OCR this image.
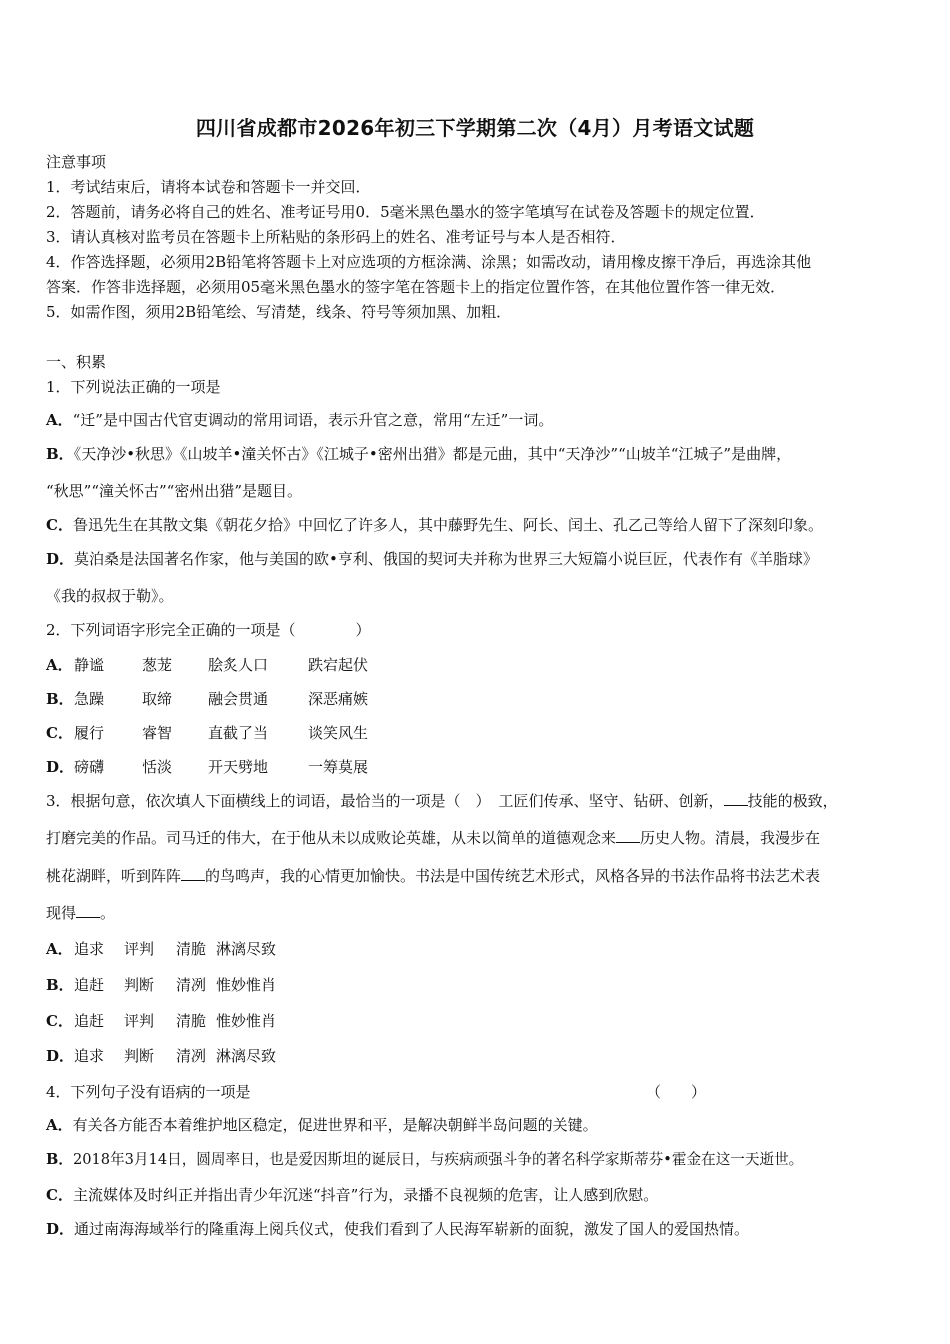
四川省成都市2026年初三下学期第二次（4月）月考语文试题
注意事项
1．考试结束后，请将本试卷和答题卡一并交回．
2．答题前，请务必将自己的姓名、准考证号用0．5毫米黑色墨水的签字笔填写在试卷及答题卡的规定位置．
3．请认真核对监考员在答题卡上所粘贴的条形码上的姓名、准考证号与本人是否相符．
4．作答选择题，必须用2B铅笔将答题卡上对应选项的方框涂满、涂黑；如需改动，请用橡皮擦干净后，再选涂其他
答案．作答非选择题，必须用05毫米黑色墨水的签字笔在答题卡上的指定位置作答，在其他位置作答一律无效．
5．如需作图，须用2B铅笔绘、写清楚，线条、符号等须加黑、加粗．
一、积累
1．下列说法正确的一项是
A．“迁”是中国古代官吏调动的常用词语，表示升官之意，常用“左迁”一词。
B．《天净沙•秋思》《山坡羊•潼关怀古》《江城子•密州出猎》都是元曲，其中“天净沙”“山坡羊“江城子”是曲牌，
“秋思”“潼关怀古”“密州出猎”是题目。
C．鲁迅先生在其散文集《朝花夕拾》中回忆了许多人，其中藤野先生、阿长、闰土、孔乙己等给人留下了深刻印象。
D．莫泊桑是法国著名作家，他与美国的欧•亨利、俄国的契诃夫并称为世界三大短篇小说巨匠，代表作有《羊脂球》
《我的叔叔于勒》。
2．下列词语字形完全正确的一项是（　　　　）
A．静谧	葱茏 脍炙人口	跌宕起伏
B．急躁	取缔 融会贯通	深恶痛嫉
C．履行	睿智 直截了当	谈笑风生
D．磅礴	恬淡 开天劈地	一筹莫展
3．根据句意，依次填人下面横线上的词语，最恰当的一项是（　） 工匠们传承、坚守、钻研、创新， 技能的极致，
打磨完美的作品。司马迁的伟大，在于他从未以成败论英雄，从未以简单的道德观念来 历史人物。清晨，我漫步在
桃花湖畔，听到阵阵 的鸟鸣声，我的心情更加愉快。书法是中国传统艺术形式，风格各异的书法作品将书法艺术表
现得 。
A．追求 评判 清脆 淋漓尽致
B．追赶 判断 清冽 惟妙惟肖
C．追赶 评判 清脆 惟妙惟肖
D．追求 判断 清冽 淋漓尽致
4．下列句子没有语病的一项是	（　　）
A．有关各方能否本着维护地区稳定，促进世界和平，是解决朝鲜半岛问题的关键。
B．2018年3月14日，圆周率日，也是爱因斯坦的诞辰日，与疾病顽强斗争的著名科学家斯蒂芬•霍金在这一天逝世。
C．主流媒体及时纠正并指出青少年沉迷“抖音”行为，录播不良视频的危害，让人感到欣慰。
D．通过南海海域举行的隆重海上阅兵仪式，使我们看到了人民海军崭新的面貌，激发了国人的爱国热情。
